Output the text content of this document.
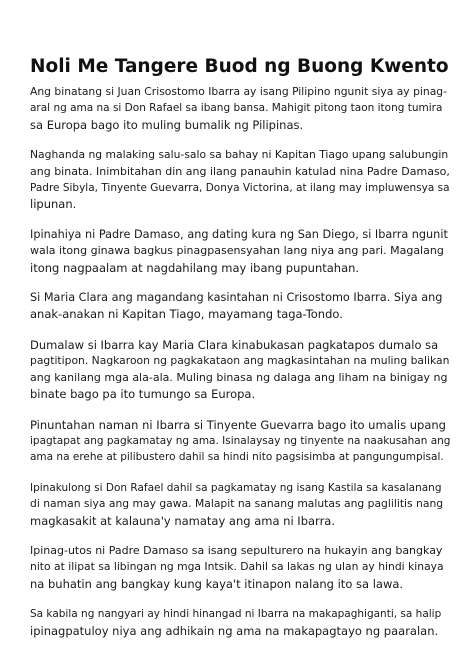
Noli Me Tangere Buod ng Buong Kwento

Ang binatang si Juan Crisostomo Ibarra ay isang Pilipino ngunit siya ay pinag-
aral ng ama na si Don Rafael sa ibang bansa. Mahigit pitong taon itong tumira
sa Europa bago ito muling bumalik ng Pilipinas.

Naghanda ng malaking salu-salo sa bahay ni Kapitan Tiago upang salubungin
ang binata. Inimbitahan din ang ilang panauhin katulad nina Padre Damaso,
Padre Sibyla, Tinyente Guevarra, Donya Victorina, at ilang may impluwensya sa
lipunan.

Ipinahiya ni Padre Damaso, ang dating kura ng San Diego, si Ibarra ngunit
wala itong ginawa bagkus pinagpasensyahan lang niya ang pari. Magalang
itong nagpaalam at nagdahilang may ibang pupuntahan.

Si Maria Clara ang magandang kasintahan ni Crisostomo Ibarra. Siya ang
anak-anakan ni Kapitan Tiago, mayamang taga-Tondo.

Dumalaw si Ibarra kay Maria Clara kinabukasan pagkatapos dumalo sa
pagtitipon. Nagkaroon ng pagkakataon ang magkasintahan na muling balikan
ang kanilang mga ala-ala. Muling binasa ng dalaga ang liham na binigay ng
binate bago pa ito tumungo sa Europa.

Pinuntahan naman ni Ibarra si Tinyente Guevarra bago ito umalis upang
ipagtapat ang pagkamatay ng ama. Isinalaysay ng tinyente na naakusahan ang
ama na erehe at pilibustero dahil sa hindi nito pagsisimba at pangungumpisal.

Ipinakulong si Don Rafael dahil sa pagkamatay ng isang Kastila sa kasalanang
di naman siya ang may gawa. Malapit na sanang malutas ang paglilitis nang
magkasakit at kalauna'y namatay ang ama ni Ibarra.

Ipinag-utos ni Padre Damaso sa isang sepulturero na hukayin ang bangkay
nito at ilipat sa libingan ng mga Intsik. Dahil sa lakas ng ulan ay hindi kinaya
na buhatin ang bangkay kung kaya't itinapon nalang ito sa lawa.

Sa kabila ng nangyari ay hindi hinangad ni Ibarra na makapaghiganti, sa halip
ipinagpatuloy niya ang adhikain ng ama na makapagtayo ng paaralan.
